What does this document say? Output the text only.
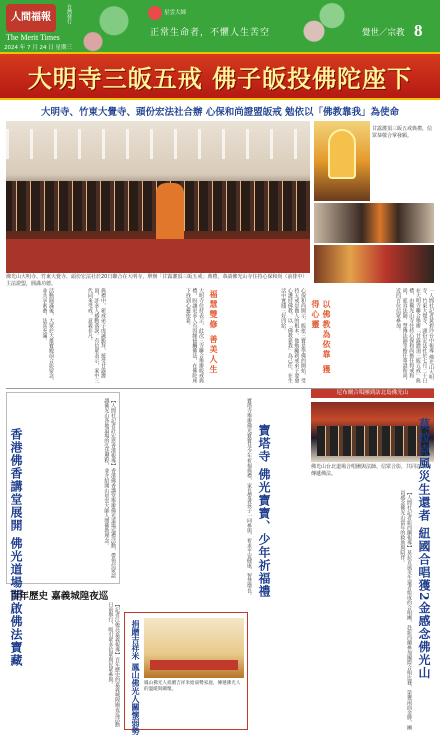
人間福報
The Merit Times
台灣發行
2024 年 7 月 24 日 星期三
星雲大師
正常生命者，不懼人生苦空	覺世／宗教 8
大明寺三皈五戒 佛子皈投佛陀座下
大明寺、竹東大覺寺、頭份宏法社合辦 心保和尚證盟皈戒 勉依以「佛教靠我」為使命
佛光山大明寺、竹東大覺寺、頭份宏法社於20日聯合在大明寺，舉辦「甘露灌頂三皈五戒」典禮，恭請佛光山寺住持心保和尚（前排中）主法證盟，圓滿功德。
甘露灌頂三皈五戒典禮，信眾恭敬合掌發願。
一人間社記者黃碧玲台中報導 佛光山大明寺、竹東大覺寺、頭份宏法社於七月二十日在大明寺聯合舉辦「甘露灌頂三皈五戒」典禮，由佛光山寺住持心保和尚擔任得戒和尚，慈容法師、慧傳法師等擔任尊證和尚，近四百位信眾參加。
以佛教為依靠 獲得心靈
心保和尚開示，皈依三寶是學佛的開始，受持五戒是做人的根本。他勉勵新戒弟子要發心護持佛教，以「佛教靠我」為己任，在生活中實踐三好四給。
福慧雙修 善美人生
大明寺住持表示，此次三寺聯合舉辦皈戒典禮，盼讓更多人有因緣接觸佛法，在佛陀座下找到心靈依靠。
典禮中，新戒弟子虔誠跪拜，接受甘露灌頂，許多人感動落淚。有信眾表示，家中三代同來受戒，意義非凡。
活動圓滿後，大眾於大雄寶殿前合影留念，並共享素齋，法喜充滿。
【人間社記者許宏恩香港報導】香港佛香講堂舉辦佛光道場巡禮活動，帶領信眾認識佛光山各地道場的弘法歷程，並介紹開山星雲大師人間佛教理念。
香港佛香講堂展開 佛光道場開啟佛法寶藏
百年歷史 嘉義城隍夜巡
【記者江俊亮嘉義報導】百年歷史的嘉義城隍廟夜巡活動日前舉行，吸引眾多信眾與民眾參與。
寶塔寺舉辦佛光寶寶及少年祈福典禮，家長帶著孩子一同參與，祈求平安健康、智慧增長。 寶塔寺 佛光寶寶、少年祈福禮
捐贈吉祥米 鳳山佛光人關懷弱勢 鳳山佛光人捐贈吉祥米給弱勢家庭，傳遞佛光人的溫暖與關懷。
尼布爾合唱團到訪北島佛光山
佛光山台北道場合唱團與法師、信眾合影，共同以歌聲傳遞佛法。
【人間社記者紐西蘭報導】莫拉克風災生還者組成的合唱團，赴紐西蘭參加國際合唱比賽，榮獲兩面金牌，團員感念佛光山當年的救助與陪伴。 莫拉克風災生還者 紐國合唱獲2金感念佛光山
